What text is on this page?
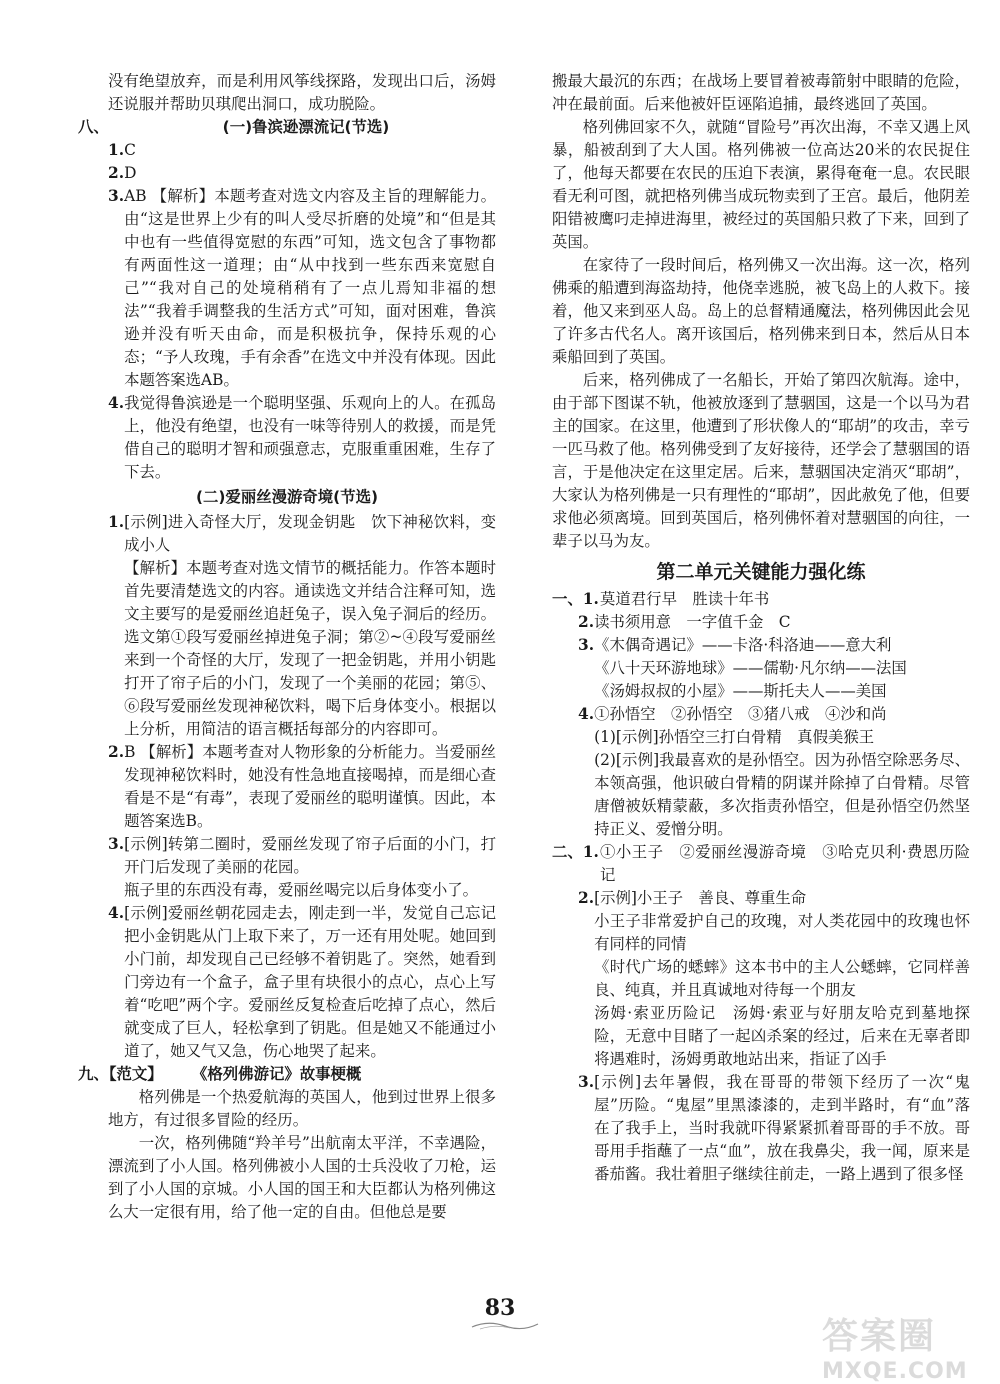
没有绝望放弃，而是利用风筝线探路，发现出口后，汤姆还说服并帮助贝琪爬出洞口，成功脱险。
八、	(一)鲁滨逊漂流记(节选)
1. C
2. D
3. AB 【解析】本题考查对选文内容及主旨的理解能力。由“这是世界上少有的叫人受尽折磨的处境”和“但是其中也有一些值得宽慰的东西”可知，选文包含了事物都有两面性这一道理；由“从中找到一些东西来宽慰自己”“我对自己的处境稍稍有了一点儿焉知非福的想法”“我着手调整我的生活方式”可知，面对困难，鲁滨逊并没有听天由命，而是积极抗争，保持乐观的心态；“予人玫瑰，手有余香”在选文中并没有体现。因此本题答案选AB。
4. 我觉得鲁滨逊是一个聪明坚强、乐观向上的人。在孤岛上，他没有绝望，也没有一味等待别人的救援，而是凭借自己的聪明才智和顽强意志，克服重重困难，生存了下去。
(二)爱丽丝漫游奇境(节选)
1. [示例]进入奇怪大厅，发现金钥匙　饮下神秘饮料，变成小人
【解析】本题考查对选文情节的概括能力。作答本题时首先要清楚选文的内容。通读选文并结合注释可知，选文主要写的是爱丽丝追赶兔子，误入兔子洞后的经历。选文第①段写爱丽丝掉进兔子洞；第②~④段写爱丽丝来到一个奇怪的大厅，发现了一把金钥匙，并用小钥匙打开了帘子后的小门，发现了一个美丽的花园；第⑤、⑥段写爱丽丝发现神秘饮料，喝下后身体变小。根据以上分析，用简洁的语言概括每部分的内容即可。
2. B 【解析】本题考查对人物形象的分析能力。当爱丽丝发现神秘饮料时，她没有性急地直接喝掉，而是细心查看是不是“有毒”，表现了爱丽丝的聪明谨慎。因此，本题答案选B。
3. [示例]转第二圈时，爱丽丝发现了帘子后面的小门，打开门后发现了美丽的花园。
瓶子里的东西没有毒，爱丽丝喝完以后身体变小了。
4. [示例]爱丽丝朝花园走去，刚走到一半，发觉自己忘记把小金钥匙从门上取下来了，万一还有用处呢。她回到小门前，却发现自己已经够不着钥匙了。突然，她看到门旁边有一个盒子，盒子里有块很小的点心，点心上写着“吃吧”两个字。爱丽丝反复检查后吃掉了点心，然后就变成了巨人，轻松拿到了钥匙。但是她又不能通过小道了，她又气又急，伤心地哭了起来。
九、【范文】	《格列佛游记》故事梗概
格列佛是一个热爱航海的英国人，他到过世界上很多地方，有过很多冒险的经历。
一次，格列佛随“羚羊号”出航南太平洋，不幸遇险，漂流到了小人国。格列佛被小人国的士兵没收了刀枪，运到了小人国的京城。小人国的国王和大臣都认为格列佛这么大一定很有用，给了他一定的自由。但他总是要
搬最大最沉的东西；在战场上要冒着被毒箭射中眼睛的危险，冲在最前面。后来他被奸臣诬陷追捕，最终逃回了英国。
格列佛回家不久，就随“冒险号”再次出海，不幸又遇上风暴，船被刮到了大人国。格列佛被一位高达20米的农民捉住了，他每天都要在农民的压迫下表演，累得奄奄一息。农民眼看无利可图，就把格列佛当成玩物卖到了王宫。最后，他阴差阳错被鹰叼走掉进海里，被经过的英国船只救了下来，回到了英国。
在家待了一段时间后，格列佛又一次出海。这一次，格列佛乘的船遭到海盗劫持，他侥幸逃脱，被飞岛上的人救下。接着，他又来到巫人岛。岛上的总督精通魔法，格列佛因此会见了许多古代名人。离开该国后，格列佛来到日本，然后从日本乘船回到了英国。
后来，格列佛成了一名船长，开始了第四次航海。途中，由于部下图谋不轨，他被放逐到了慧骃国，这是一个以马为君主的国家。在这里，他遭到了形状像人的“耶胡”的攻击，幸亏一匹马救了他。格列佛受到了友好接待，还学会了慧骃国的语言，于是他决定在这里定居。后来，慧骃国决定消灭“耶胡”，大家认为格列佛是一只有理性的“耶胡”，因此赦免了他，但要求他必须离境。回到英国后，格列佛怀着对慧骃国的向往，一辈子以马为友。
第二单元关键能力强化练
一、1. 莫道君行早　胜读十年书
2. 读书须用意　一字值千金　C
3. 《木偶奇遇记》——卡洛·科洛迪——意大利
《八十天环游地球》——儒勒·凡尔纳——法国
《汤姆叔叔的小屋》——斯托夫人——美国
4. ①孙悟空　②孙悟空　③猪八戒　④沙和尚
(1)[示例]孙悟空三打白骨精　真假美猴王
(2)[示例]我最喜欢的是孙悟空。因为孙悟空除恶务尽、本领高强，他识破白骨精的阴谋并除掉了白骨精。尽管唐僧被妖精蒙蔽，多次指责孙悟空，但是孙悟空仍然坚持正义、爱憎分明。
二、1. ①小王子　②爱丽丝漫游奇境　③哈克贝利·费恩历险记
2. [示例]小王子　善良、尊重生命
小王子非常爱护自己的玫瑰，对人类花园中的玫瑰也怀有同样的同情
《时代广场的蟋蟀》这本书中的主人公蟋蟀，它同样善良、纯真，并且真诚地对待每一个朋友
汤姆·索亚历险记　汤姆·索亚与好朋友哈克到墓地探险，无意中目睹了一起凶杀案的经过，后来在无辜者即将遇难时，汤姆勇敢地站出来，指证了凶手
3. [示例]去年暑假，我在哥哥的带领下经历了一次“鬼屋”历险。“鬼屋”里黑漆漆的，走到半路时，有“血”落在了我手上，当时我就吓得紧紧抓着哥哥的手不放。哥哥用手指蘸了一点“血”，放在我鼻尖，我一闻，原来是番茄酱。我壮着胆子继续往前走，一路上遇到了很多怪
83
答案圈
MXQE.COM
